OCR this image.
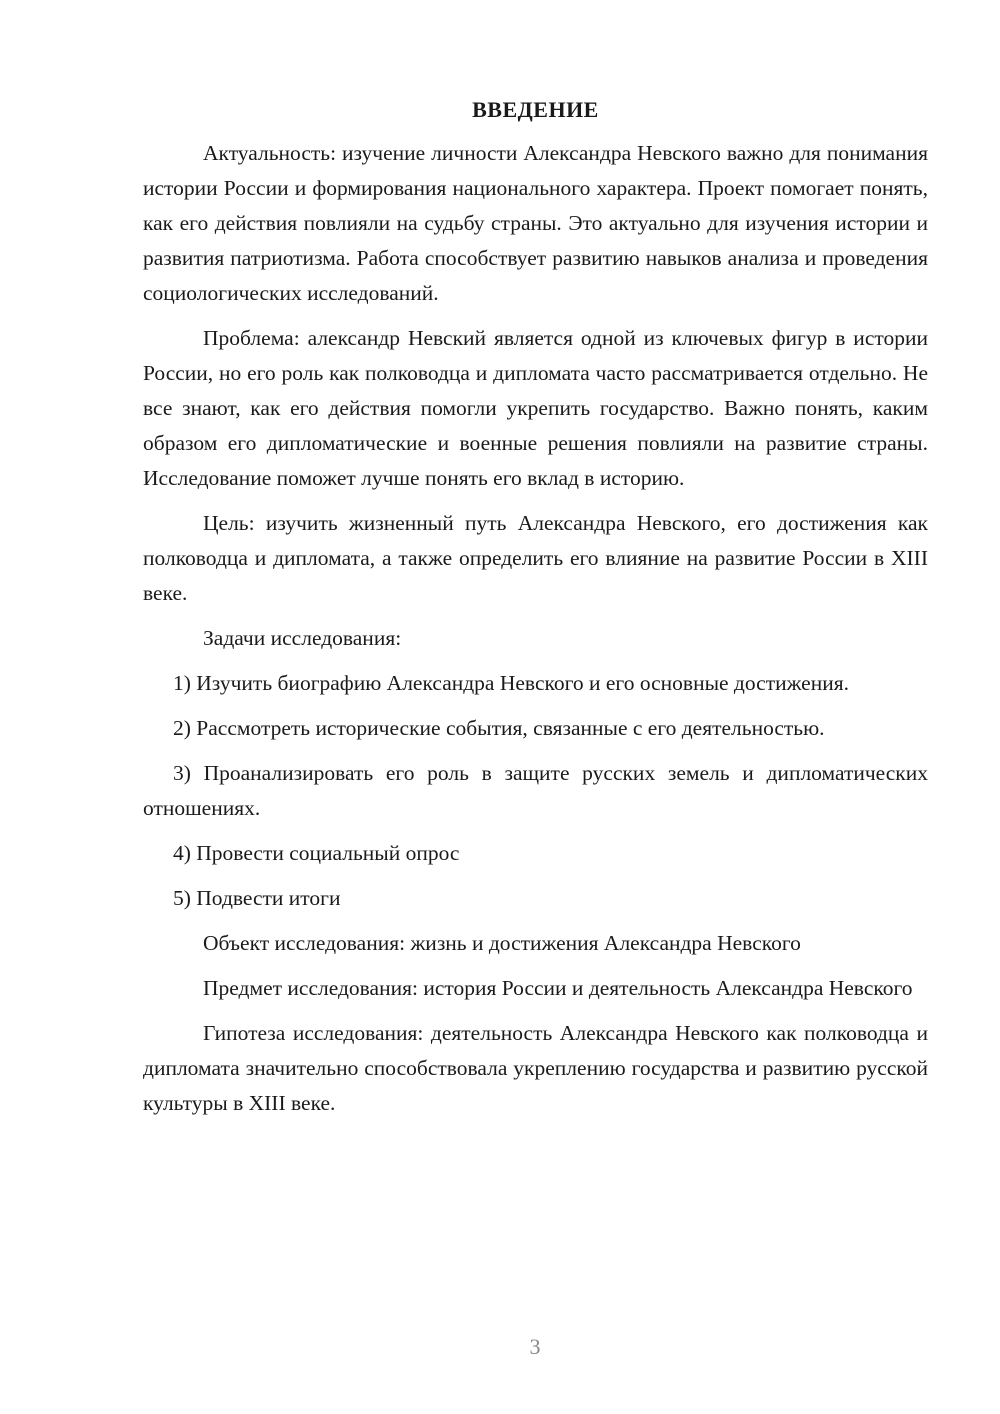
ВВЕДЕНИЕ

Актуальность: изучение личности Александра Невского важно для понимания истории России и формирования национального характера. Проект помогает понять, как его действия повлияли на судьбу страны. Это актуально для изучения истории и развития патриотизма. Работа способствует развитию навыков анализа и проведения социологических исследований.

Проблема: александр Невский является одной из ключевых фигур в истории России, но его роль как полководца и дипломата часто рассматривается отдельно. Не все знают, как его действия помогли укрепить государство. Важно понять, каким образом его дипломатические и военные решения повлияли на развитие страны. Исследование поможет лучше понять его вклад в историю.

Цель: изучить жизненный путь Александра Невского, его достижения как полководца и дипломата, а также определить его влияние на развитие России в XIII веке.

Задачи исследования:

1) Изучить биографию Александра Невского и его основные достижения.

2) Рассмотреть исторические события, связанные с его деятельностью.

3) Проанализировать его роль в защите русских земель и дипломатических отношениях.

4) Провести социальный опрос

5) Подвести итоги

Объект исследования: жизнь и достижения Александра Невского

Предмет исследования: история России и деятельность Александра Невского

Гипотеза исследования: деятельность Александра Невского как полководца и дипломата значительно способствовала укреплению государства и развитию русской культуры в XIII веке.

3
